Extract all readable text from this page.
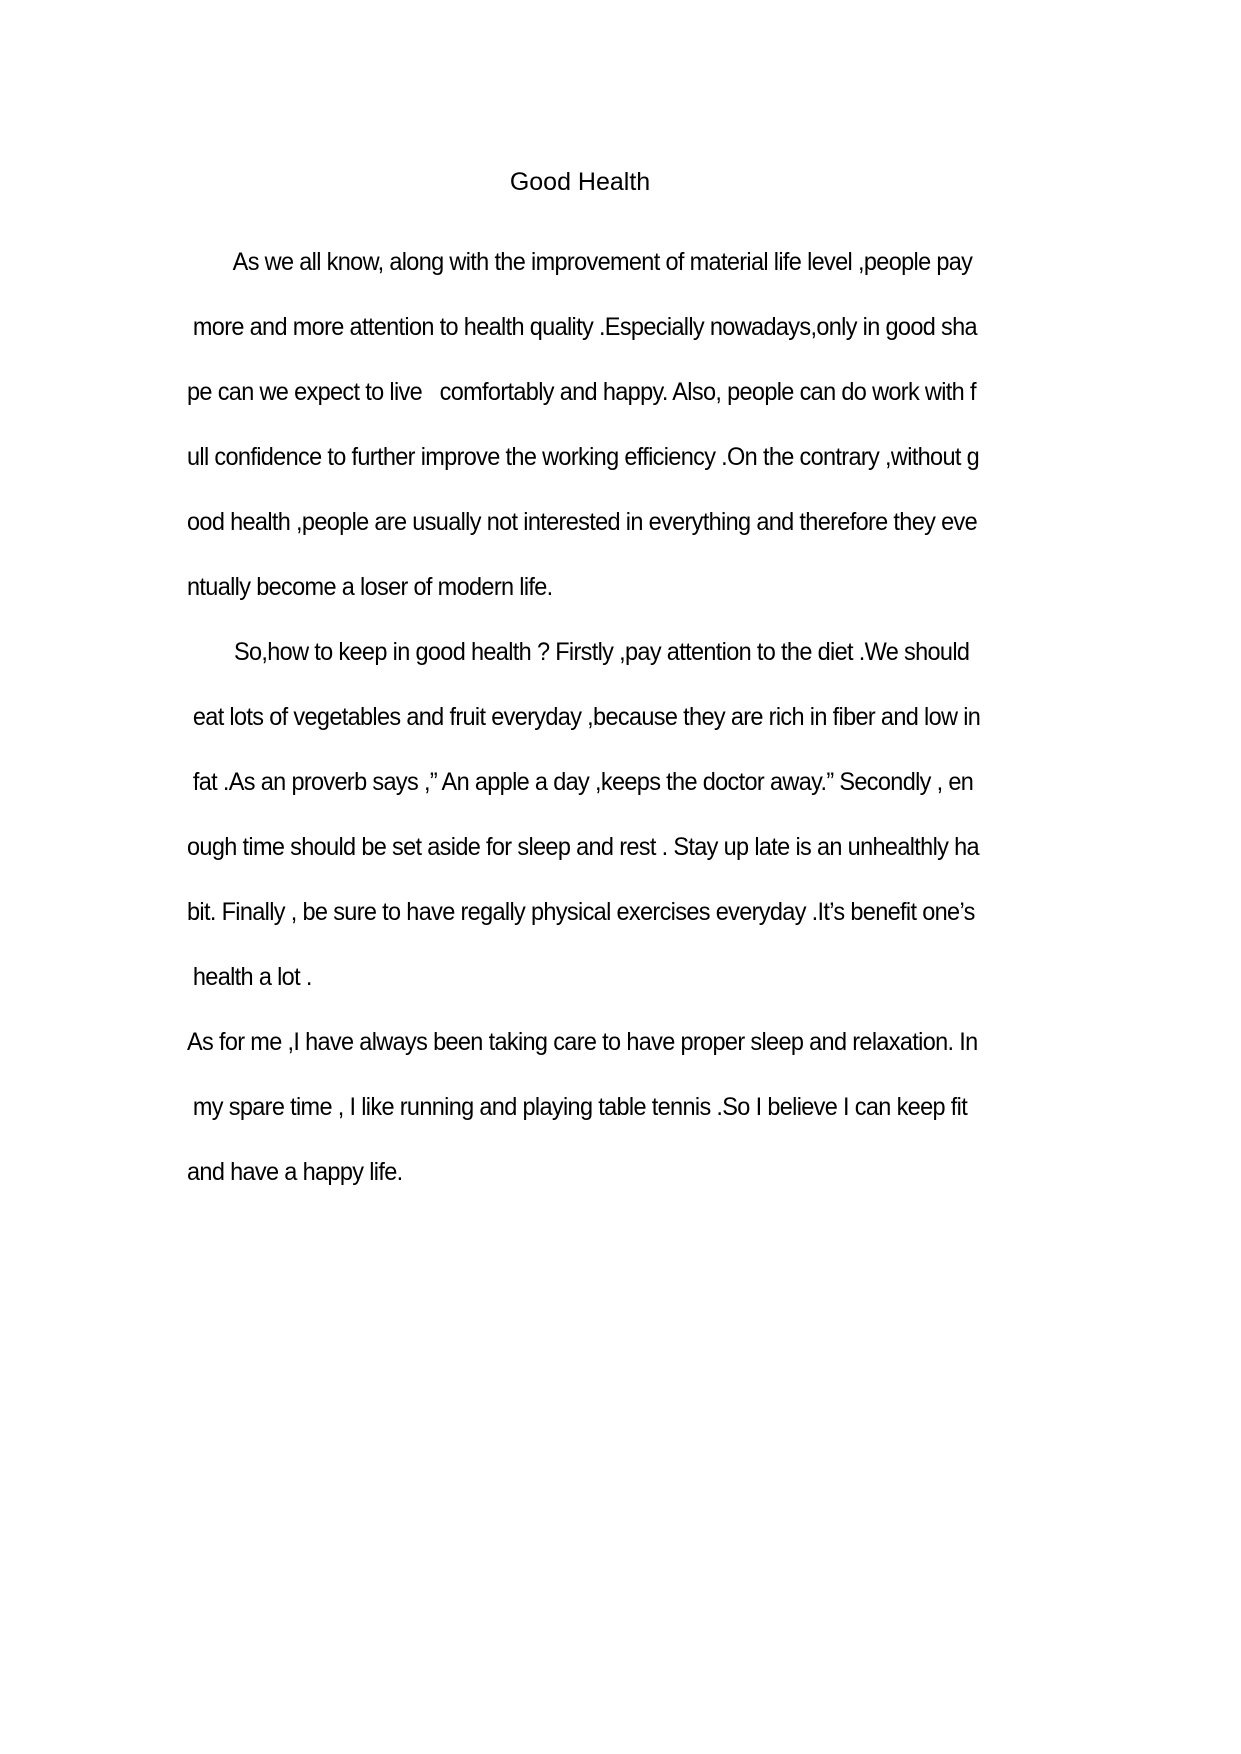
Good Health
As we all know, along with the improvement of material life level ,people pay
more and more attention to health quality .Especially nowadays,only in good sha
pe can we expect to live   comfortably and happy. Also, people can do work with f
ull confidence to further improve the working efficiency .On the contrary ,without g
ood health ,people are usually not interested in everything and therefore they eve
ntually become a loser of modern life.
So,how to keep in good health ? Firstly ,pay attention to the diet .We should
eat lots of vegetables and fruit everyday ,because they are rich in fiber and low in
fat .As an proverb says ,” An apple a day ,keeps the doctor away.” Secondly , en
ough time should be set aside for sleep and rest . Stay up late is an unhealthly ha
bit. Finally , be sure to have regally physical exercises everyday .It’s benefit one’s
health a lot .
As for me ,I have always been taking care to have proper sleep and relaxation. In
my spare time , I like running and playing table tennis .So I believe I can keep fit
and have a happy life.
